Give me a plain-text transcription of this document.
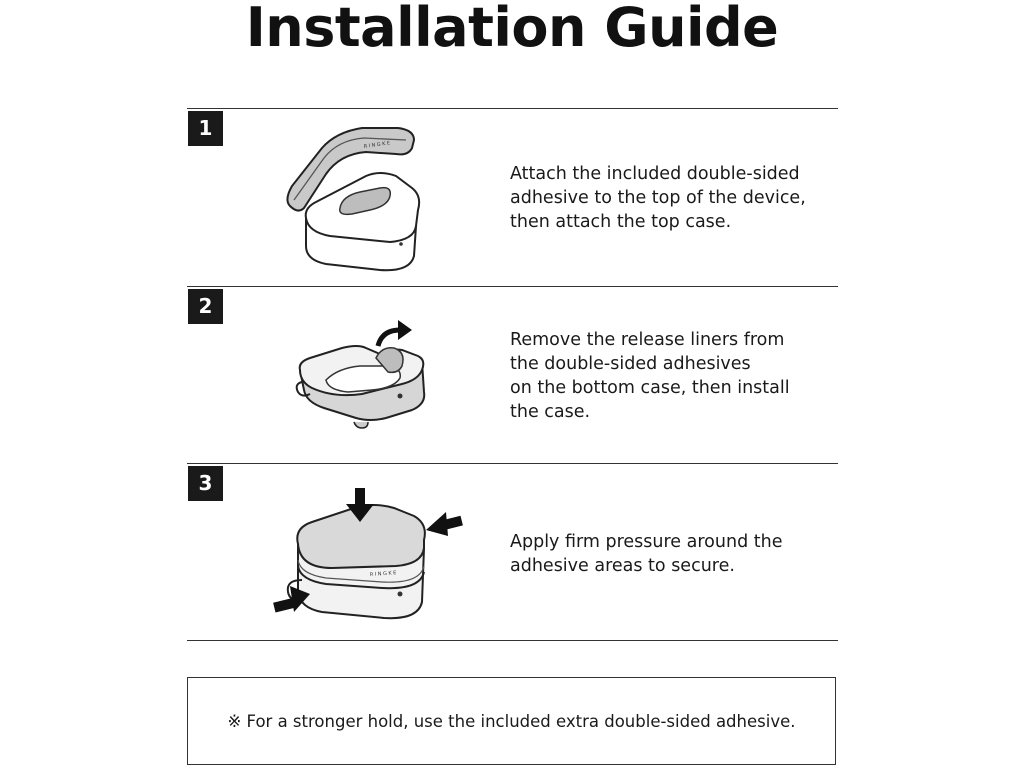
Installation Guide
1
RINGKE
Attach the included double-sided
adhesive to the top of the device,
then attach the top case.
2
Remove the release liners from
the double-sided adhesives
on the bottom case, then install
the case.
3
RINGKE
Apply firm pressure around the
adhesive areas to secure.
※ For a stronger hold, use the included extra double-sided adhesive.
